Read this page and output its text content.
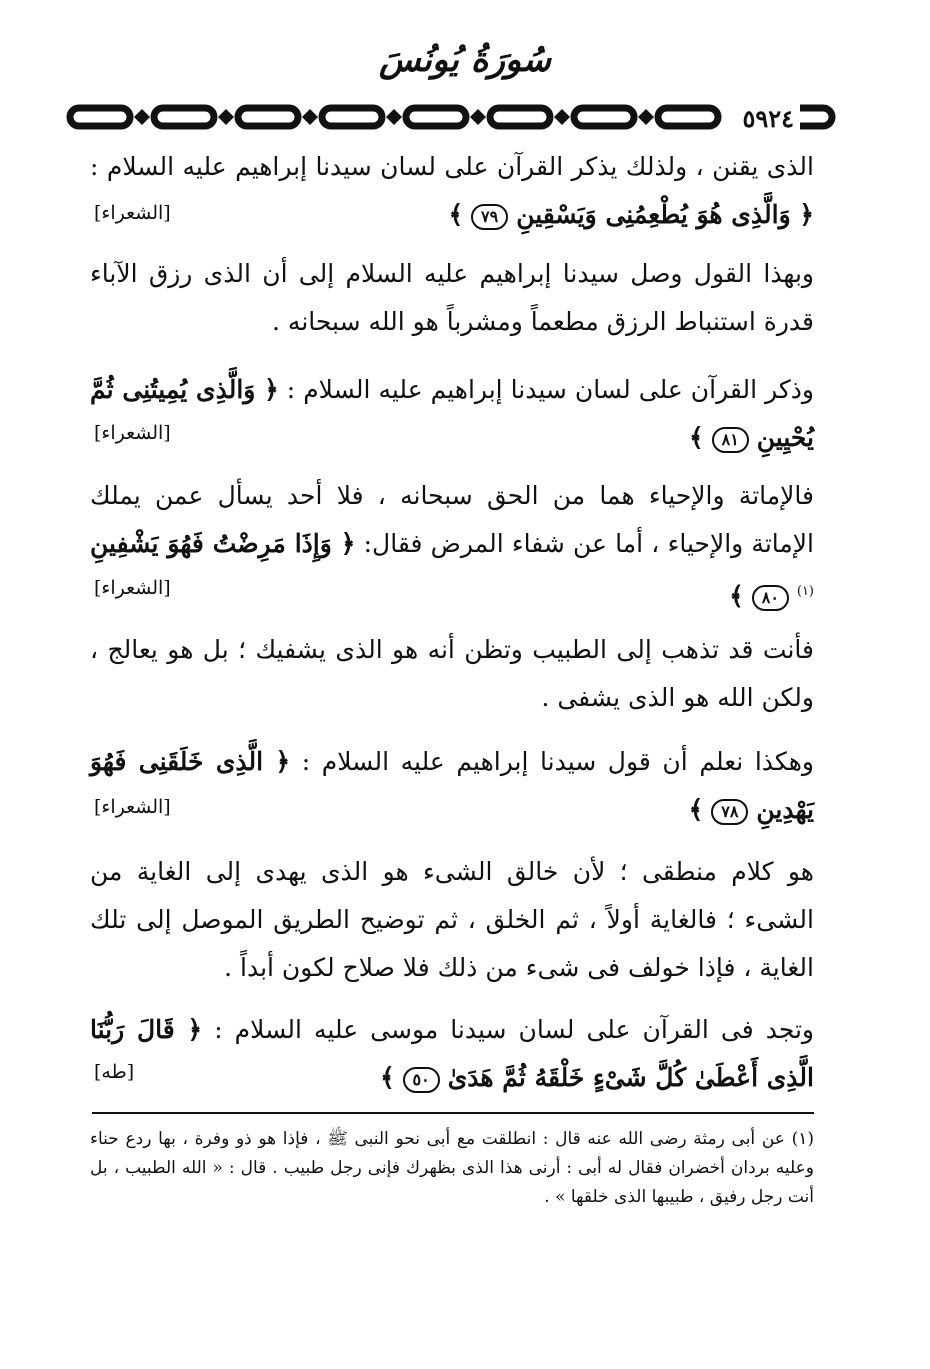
سُورَةُ يُونُسَ
٥٩٢٤

الذى يقنن ، ولذلك يذكر القرآن على لسان سيدنا إبراهيم عليه السلام : ﴿ وَالَّذِى هُوَ يُطْعِمُنِى وَيَسْقِينِ ٧٩ ﴾

[الشعراء]

وبهذا القول وصل سيدنا إبراهيم عليه السلام إلى أن الذى رزق الآباء قدرة استنباط الرزق مطعماً ومشرباً هو الله سبحانه .

وذكر القرآن على لسان سيدنا إبراهيم عليه السلام : ﴿ وَالَّذِى يُمِيتُنِى ثُمَّ يُحْيِينِ ٨١ ﴾

[الشعراء]

فالإماتة والإحياء هما من الحق سبحانه ، فلا أحد يسأل عمن يملك الإماتة والإحياء ، أما عن شفاء المرض فقال: ﴿ وَإِذَا مَرِضْتُ فَهُوَ يَشْفِينِ $^{(١)}$ ٨٠ ﴾

[الشعراء]

فأنت قد تذهب إلى الطبيب وتظن أنه هو الذى يشفيك ؛ بل هو يعالج ، ولكن الله هو الذى يشفى .

وهكذا نعلم أن قول سيدنا إبراهيم عليه السلام : ﴿ الَّذِى خَلَقَنِى فَهُوَ يَهْدِينِ ٧٨ ﴾

[الشعراء]

هو كلام منطقى ؛ لأن خالق الشىء هو الذى يهدى إلى الغاية من الشىء ؛ فالغاية أولاً ، ثم الخلق ، ثم توضيح الطريق الموصل إلى تلك الغاية ، فإذا خولف فى شىء من ذلك فلا صلاح لكون أبداً .

وتجد فى القرآن على لسان سيدنا موسى عليه السلام : ﴿ قَالَ رَبُّنَا الَّذِى أَعْطَىٰ كُلَّ شَىْءٍ خَلْقَهُ ثُمَّ هَدَىٰ ٥٠ ﴾

[طه]
(١) عن أبى رمثة رضى الله عنه قال : انطلقت مع أبى نحو النبى ﷺ ، فإذا هو ذو وفرة ، بها ردع حناء وعليه بردان أخضران فقال له أبى : أرنى هذا الذى بظهرك فإنى رجل طبيب . قال : « الله الطبيب ، بل أنت رجل رفيق ، طبيبها الذى خلقها » .
